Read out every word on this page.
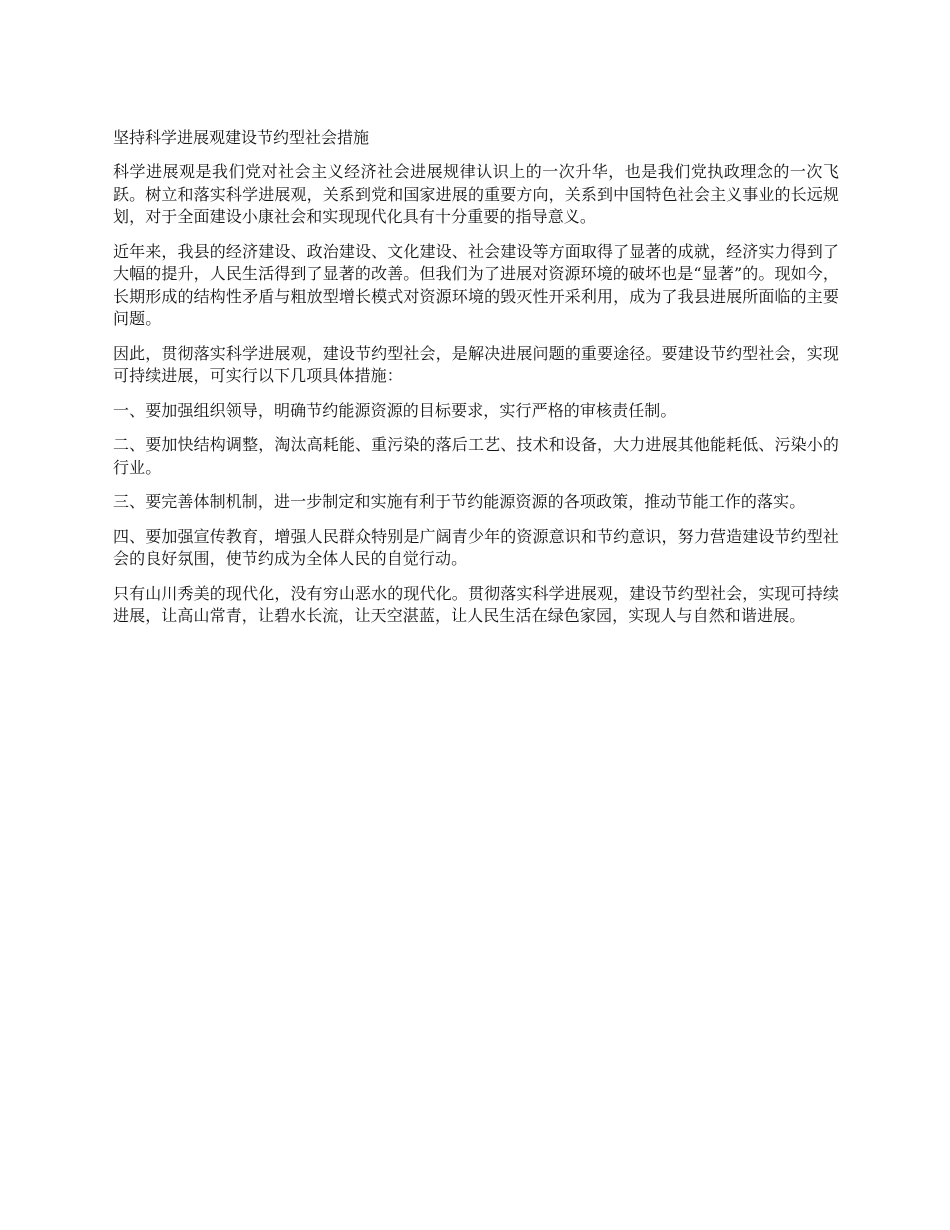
坚持科学进展观建设节约型社会措施

科学进展观是我们党对社会主义经济社会进展规律认识上的一次升华，也是我们党执政理念的一次飞跃。树立和落实科学进展观，关系到党和国家进展的重要方向，关系到中国特色社会主义事业的长远规划，对于全面建设小康社会和实现现代化具有十分重要的指导意义。

近年来，我县的经济建设、政治建设、文化建设、社会建设等方面取得了显著的成就，经济实力得到了大幅的提升，人民生活得到了显著的改善。但我们为了进展对资源环境的破坏也是“显著”的。现如今，长期形成的结构性矛盾与粗放型增长模式对资源环境的毁灭性开采利用，成为了我县进展所面临的主要问题。

因此，贯彻落实科学进展观，建设节约型社会，是解决进展问题的重要途径。要建设节约型社会，实现可持续进展，可实行以下几项具体措施：

一、要加强组织领导，明确节约能源资源的目标要求，实行严格的审核责任制。

二、要加快结构调整，淘汰高耗能、重污染的落后工艺、技术和设备，大力进展其他能耗低、污染小的行业。

三、要完善体制机制，进一步制定和实施有利于节约能源资源的各项政策，推动节能工作的落实。

四、要加强宣传教育，增强人民群众特别是广阔青少年的资源意识和节约意识，努力营造建设节约型社会的良好氛围，使节约成为全体人民的自觉行动。

只有山川秀美的现代化，没有穷山恶水的现代化。贯彻落实科学进展观，建设节约型社会，实现可持续进展，让高山常青，让碧水长流，让天空湛蓝，让人民生活在绿色家园，实现人与自然和谐进展。
